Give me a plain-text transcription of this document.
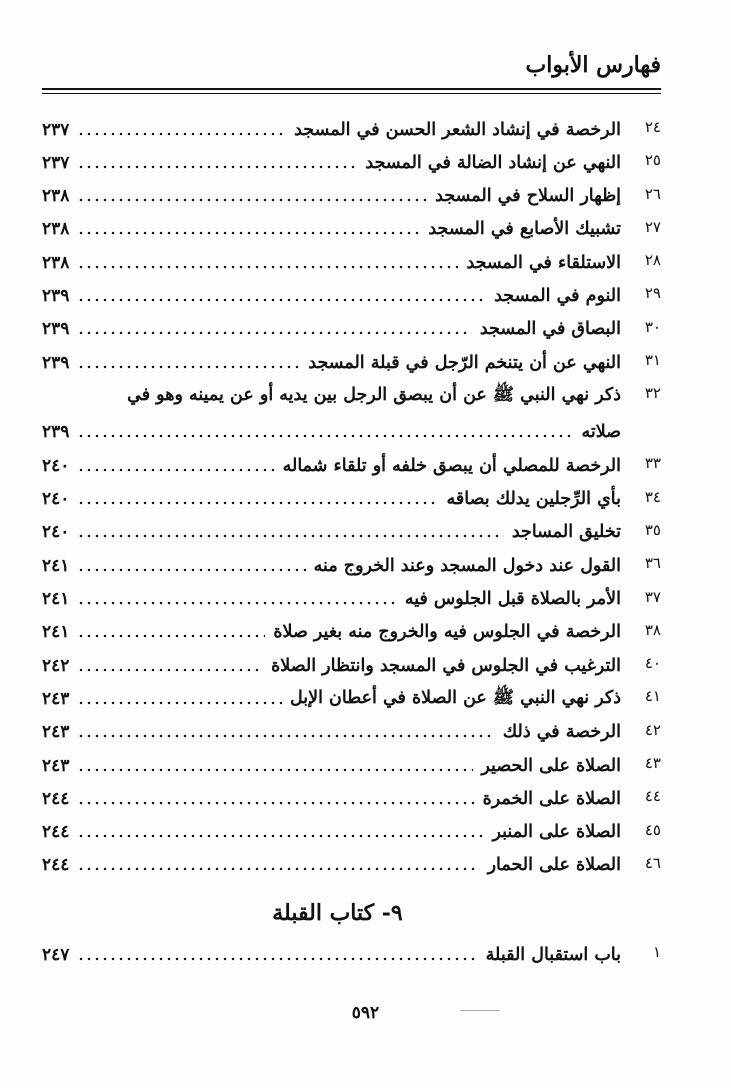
فهارس الأبواب
٢٤
الرخصة في إنشاد الشعر الحسن في المسجد
٢٣٧
٢٥
النهي عن إنشاد الضالة في المسجد
٢٣٧
٢٦
إظهار السلاح في المسجد
٢٣٨
٢٧
تشبيك الأصابع في المسجد
٢٣٨
٢٨
الاستلقاء في المسجد
٢٣٨
٢٩
النوم في المسجد
٢٣٩
٣٠
البصاق في المسجد
٢٣٩
٣١
النهي عن أن يتنخم الرّجل في قبلة المسجد
٢٣٩
٣٢
ذكر نهي النبي ﷺ عن أن يبصق الرجل بين يديه أو عن يمينه وهو في
صلاته
٢٣٩
٣٣
الرخصة للمصلي أن يبصق خلفه أو تلقاء شماله
٢٤٠
٣٤
بأي الرِّجلين يدلك بصاقه
٢٤٠
٣٥
تخليق المساجد
٢٤٠
٣٦
القول عند دخول المسجد وعند الخروج منه
٢٤١
٣٧
الأمر بالصلاة قبل الجلوس فيه
٢٤١
٣٨
الرخصة في الجلوس فيه والخروج منه بغير صلاة
٢٤١
٤٠
الترغيب في الجلوس في المسجد وانتظار الصلاة
٢٤٢
٤١
ذكر نهي النبي ﷺ عن الصلاة في أعطان الإبل
٢٤٣
٤٢
الرخصة في ذلك
٢٤٣
٤٣
الصلاة على الحصير
٢٤٣
٤٤
الصلاة على الخمرة
٢٤٤
٤٥
الصلاة على المنبر
٢٤٤
٤٦
الصلاة على الحمار
٢٤٤
٩- كتاب القبلة
١
باب استقبال القبلة
٢٤٧
٥٩٢
